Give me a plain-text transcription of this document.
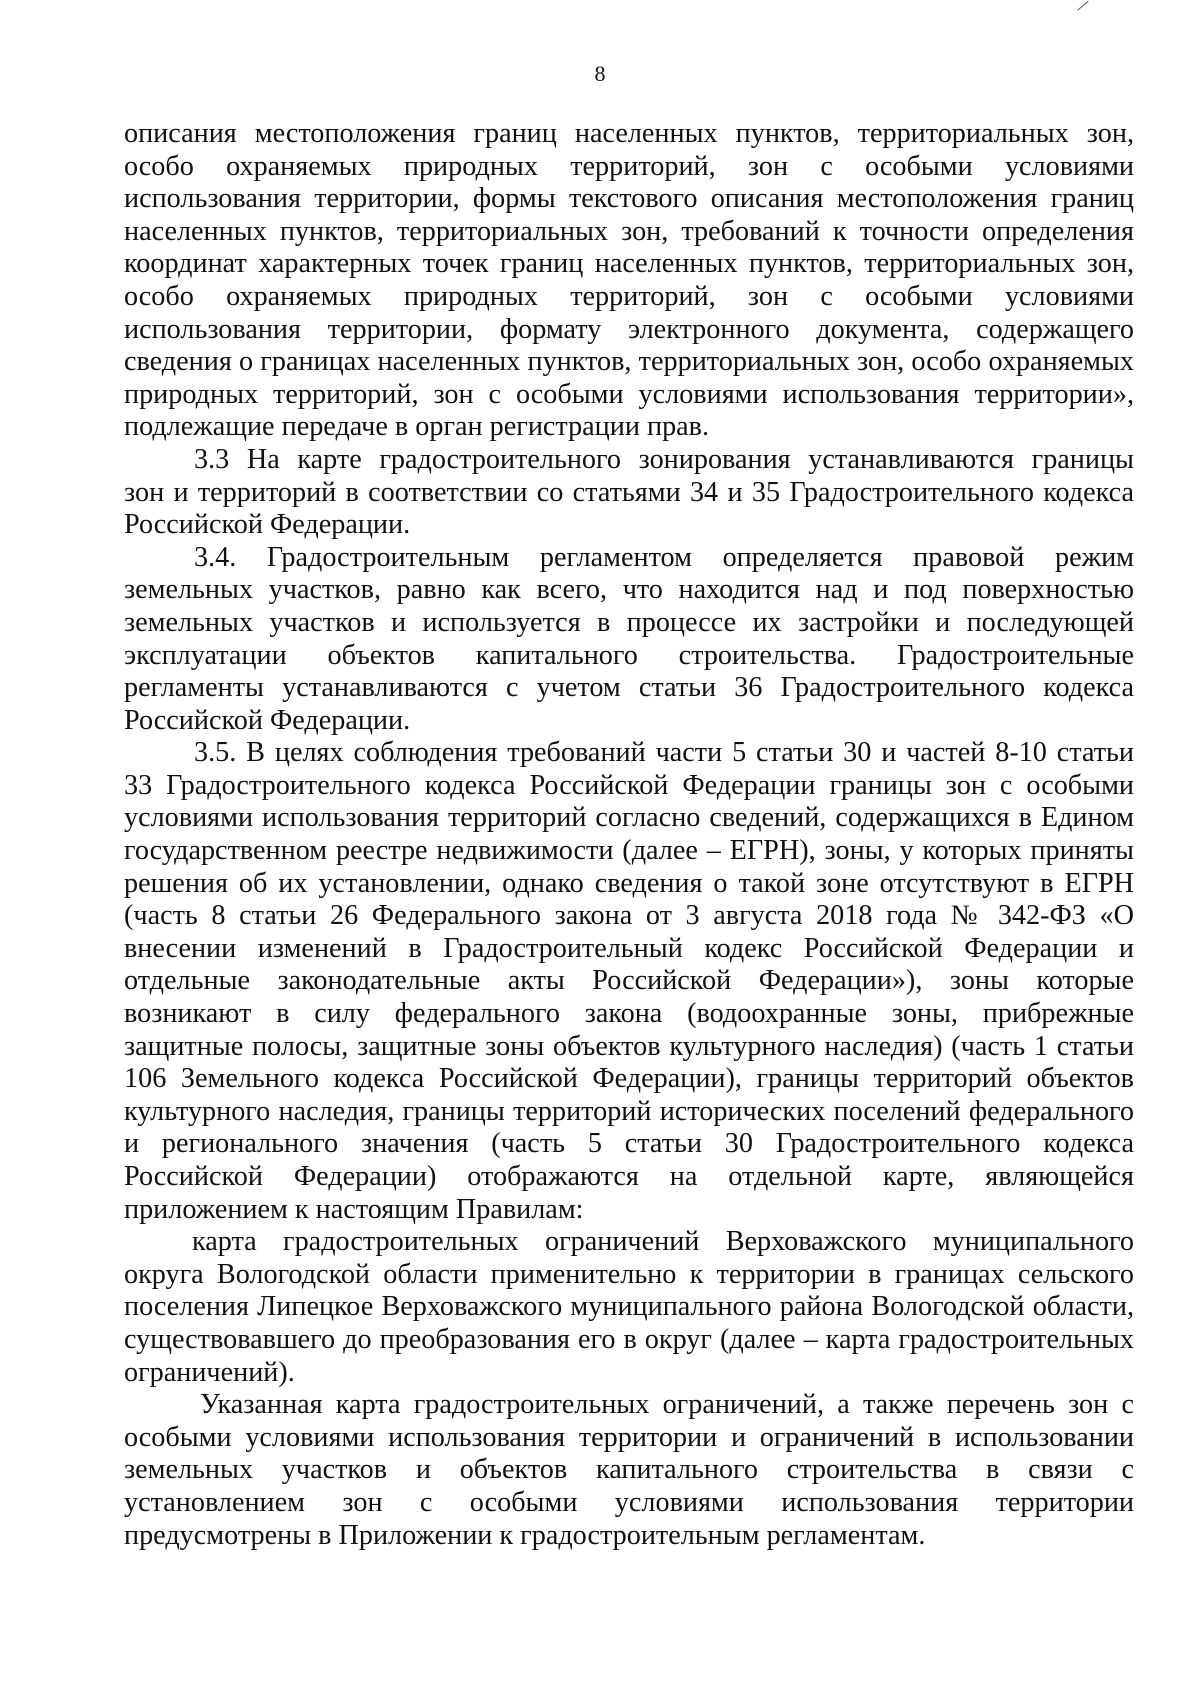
8
описания местоположения границ населенных пунктов, территориальных зон,
особо охраняемых природных территорий, зон с особыми условиями
использования территории, формы текстового описания местоположения границ
населенных пунктов, территориальных зон, требований к точности определения
координат характерных точек границ населенных пунктов, территориальных зон,
особо охраняемых природных территорий, зон с особыми условиями
использования территории, формату электронного документа, содержащего
сведения о границах населенных пунктов, территориальных зон, особо охраняемых
природных территорий, зон с особыми условиями использования территории»,
подлежащие передаче в орган регистрации прав.
3.3 На карте градостроительного зонирования устанавливаются границы
зон и территорий в соответствии со статьями 34 и 35 Градостроительного кодекса
Российской Федерации.
3.4. Градостроительным регламентом определяется правовой режим
земельных участков, равно как всего, что находится над и под поверхностью
земельных участков и используется в процессе их застройки и последующей
эксплуатации объектов капитального строительства. Градостроительные
регламенты устанавливаются с учетом статьи 36 Градостроительного кодекса
Российской Федерации.
3.5. В целях соблюдения требований части 5 статьи 30 и частей 8-10 статьи
33 Градостроительного кодекса Российской Федерации границы зон с особыми
условиями использования территорий согласно сведений, содержащихся в Едином
государственном реестре недвижимости (далее – ЕГРН), зоны, у которых приняты
решения об их установлении, однако сведения о такой зоне отсутствуют в ЕГРН
(часть 8 статьи 26 Федерального закона от 3 августа 2018 года № 342-ФЗ «О
внесении изменений в Градостроительный кодекс Российской Федерации и
отдельные законодательные акты Российской Федерации»), зоны которые
возникают в силу федерального закона (водоохранные зоны, прибрежные
защитные полосы, защитные зоны объектов культурного наследия) (часть 1 статьи
106 Земельного кодекса Российской Федерации), границы территорий объектов
культурного наследия, границы территорий исторических поселений федерального
и регионального значения (часть 5 статьи 30 Градостроительного кодекса
Российской Федерации) отображаются на отдельной карте, являющейся
приложением к настоящим Правилам:
карта градостроительных ограничений Верховажского муниципального
округа Вологодской области применительно к территории в границах сельского
поселения Липецкое Верховажского муниципального района Вологодской области,
существовавшего до преобразования его в округ (далее – карта градостроительных
ограничений).
Указанная карта градостроительных ограничений, а также перечень зон с
особыми условиями использования территории и ограничений в использовании
земельных участков и объектов капитального строительства в связи с
установлением зон с особыми условиями использования территории
предусмотрены в Приложении к градостроительным регламентам.
